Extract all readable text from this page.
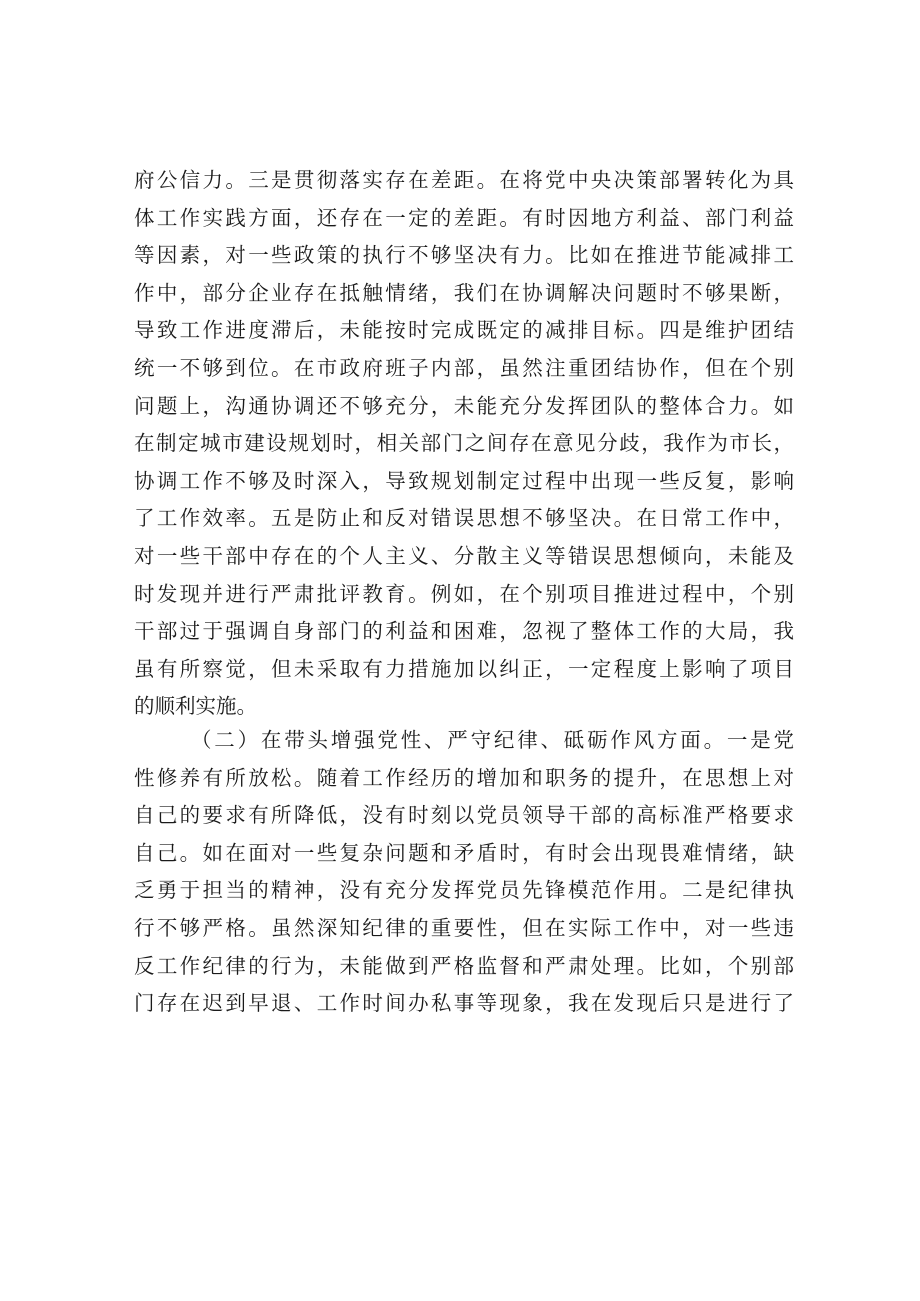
府公信力。三是贯彻落实存在差距。在将党中央决策部署转化为具
体工作实践方面，还存在一定的差距。有时因地方利益、部门利益
等因素，对一些政策的执行不够坚决有力。比如在推进节能减排工
作中，部分企业存在抵触情绪，我们在协调解决问题时不够果断，
导致工作进度滞后，未能按时完成既定的减排目标。四是维护团结
统一不够到位。在市政府班子内部，虽然注重团结协作，但在个别
问题上，沟通协调还不够充分，未能充分发挥团队的整体合力。如
在制定城市建设规划时，相关部门之间存在意见分歧，我作为市长，
协调工作不够及时深入，导致规划制定过程中出现一些反复，影响
了工作效率。五是防止和反对错误思想不够坚决。在日常工作中，
对一些干部中存在的个人主义、分散主义等错误思想倾向，未能及
时发现并进行严肃批评教育。例如，在个别项目推进过程中，个别
干部过于强调自身部门的利益和困难，忽视了整体工作的大局，我
虽有所察觉，但未采取有力措施加以纠正，一定程度上影响了项目
的顺利实施。
（二）在带头增强党性、严守纪律、砥砺作风方面。一是党
性修养有所放松。随着工作经历的增加和职务的提升，在思想上对
自己的要求有所降低，没有时刻以党员领导干部的高标准严格要求
自己。如在面对一些复杂问题和矛盾时，有时会出现畏难情绪，缺
乏勇于担当的精神，没有充分发挥党员先锋模范作用。二是纪律执
行不够严格。虽然深知纪律的重要性，但在实际工作中，对一些违
反工作纪律的行为，未能做到严格监督和严肃处理。比如，个别部
门存在迟到早退、工作时间办私事等现象，我在发现后只是进行了
